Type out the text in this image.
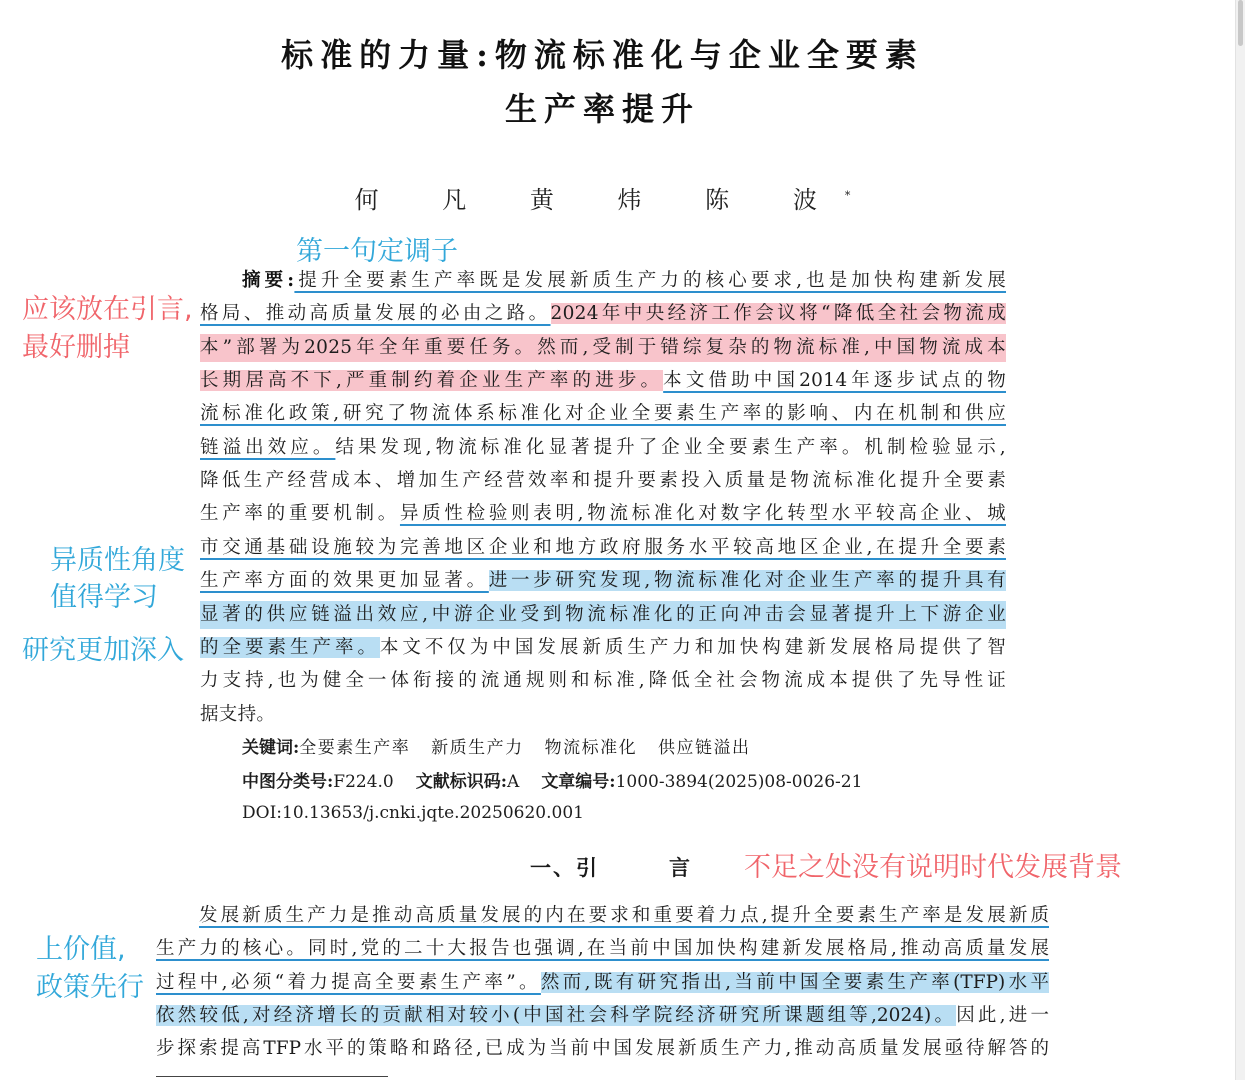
标准的力量:物流标准化与企业全要素
生产率提升
何 凡 黄 炜 陈 波*
第一句定调子
应该放在引言,
最好删掉
异质性角度
值得学习
研究更加深入
不足之处没有说明时代发展背景
上价值,
政策先行
摘要:提升全要素生产率既是发展新质生产力的核心要求,也是加快构建新发展
格局、推动高质量发展的必由之路。2024年中央经济工作会议将“降低全社会物流成
本”部署为2025年全年重要任务。然而,受制于错综复杂的物流标准,中国物流成本
长期居高不下,严重制约着企业生产率的进步。本文借助中国2014年逐步试点的物
流标准化政策,研究了物流体系标准化对企业全要素生产率的影响、内在机制和供应
链溢出效应。结果发现,物流标准化显著提升了企业全要素生产率。机制检验显示,
降低生产经营成本、增加生产经营效率和提升要素投入质量是物流标准化提升全要素
生产率的重要机制。异质性检验则表明,物流标准化对数字化转型水平较高企业、城
市交通基础设施较为完善地区企业和地方政府服务水平较高地区企业,在提升全要素
生产率方面的效果更加显著。进一步研究发现,物流标准化对企业生产率的提升具有
显著的供应链溢出效应,中游企业受到物流标准化的正向冲击会显著提升上下游企业
的全要素生产率。本文不仅为中国发展新质生产力和加快构建新发展格局提供了智
力支持,也为健全一体衔接的流通规则和标准,降低全社会物流成本提供了先导性证
据支持。
关键词:全要素生产率 新质生产力 物流标准化 供应链溢出
中图分类号:F224.0 文献标识码:A 文章编号:1000-3894(2025)08-0026-21
DOI:10.13653/j.cnki.jqte.20250620.001
一、引	言
发展新质生产力是推动高质量发展的内在要求和重要着力点,提升全要素生产率是发展新质
生产力的核心。同时,党的二十大报告也强调,在当前中国加快构建新发展格局,推动高质量发展
过程中,必须“着力提高全要素生产率”。然而,既有研究指出,当前中国全要素生产率(TFP)水平
依然较低,对经济增长的贡献相对较小(中国社会科学院经济研究所课题组等,2024)。因此,进一
步探索提高TFP水平的策略和路径,已成为当前中国发展新质生产力,推动高质量发展亟待解答的
